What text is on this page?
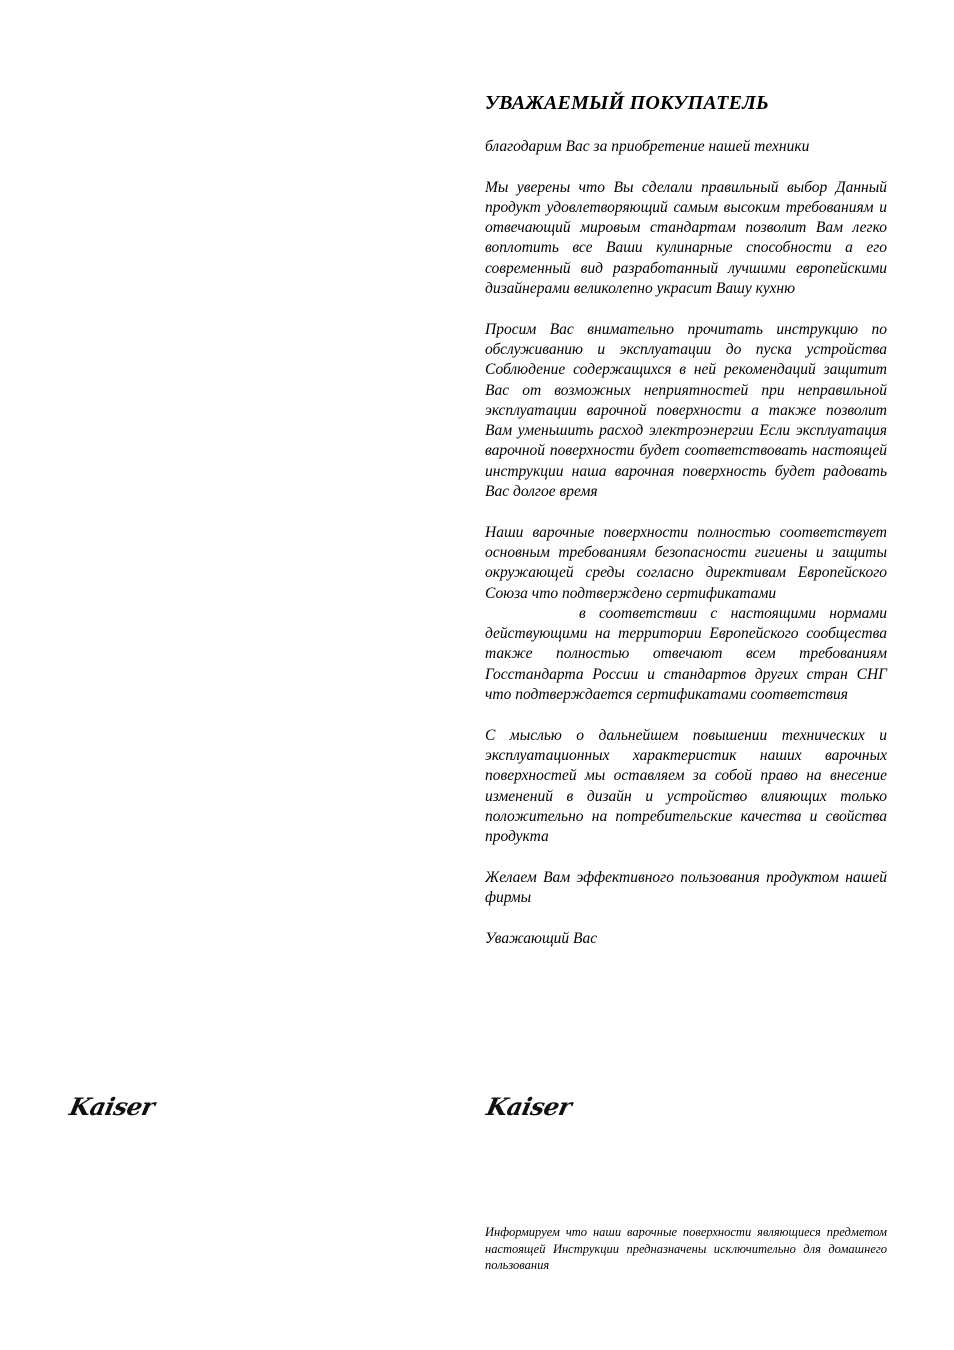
УВАЖАЕМЫЙ ПОКУПАТЕЛЬ

благодарим Вас за приобретение нашей техники

Мы уверены что Вы сделали правильный выбор Данный продукт удовлетворяющий самым высоким требованиям и отвечающий мировым стандартам позволит Вам легко воплотить все Ваши кулинарные способности а его современный вид разработанный лучшими европейскими дизайнерами великолепно украсит Вашу кухню

Просим Вас внимательно прочитать инструкцию по обслуживанию и эксплуатации до пуска устройства Соблюдение содержащихся в ней рекомендаций защитит Вас от возможных неприятностей при неправильной эксплуатации варочной поверхности а также позволит Вам уменьшить расход электроэнергии Если эксплуатация варочной поверхности будет соответствовать настоящей инструкции наша варочная поверхность будет радовать Вас долгое время

Наши варочные поверхности полностью соответствует основным требованиям безопасности гигиены и защиты окружающей среды согласно директивам Европейского Союза что подтверждено сертификатами
в соответствии с настоящими нормами действующими на территории Европейского сообщества также полностью отвечают всем требованиям Госстандарта России и стандартов других стран СНГ что подтверждается сертификатами соответствия

С мыслью о дальнейшем повышении технических и эксплуатационных характеристик наших варочных поверхностей мы оставляем за собой право на внесение изменений в дизайн и устройство влияющих только положительно на потребительские качества и свойства продукта

Желаем Вам эффективного пользования продуктом нашей фирмы

Уважающий Вас

Kaiser	Kaiser
Информируем что наши варочные поверхности являющиеся предметом настоящей Инструкции предназначены исключительно для домашнего пользования
